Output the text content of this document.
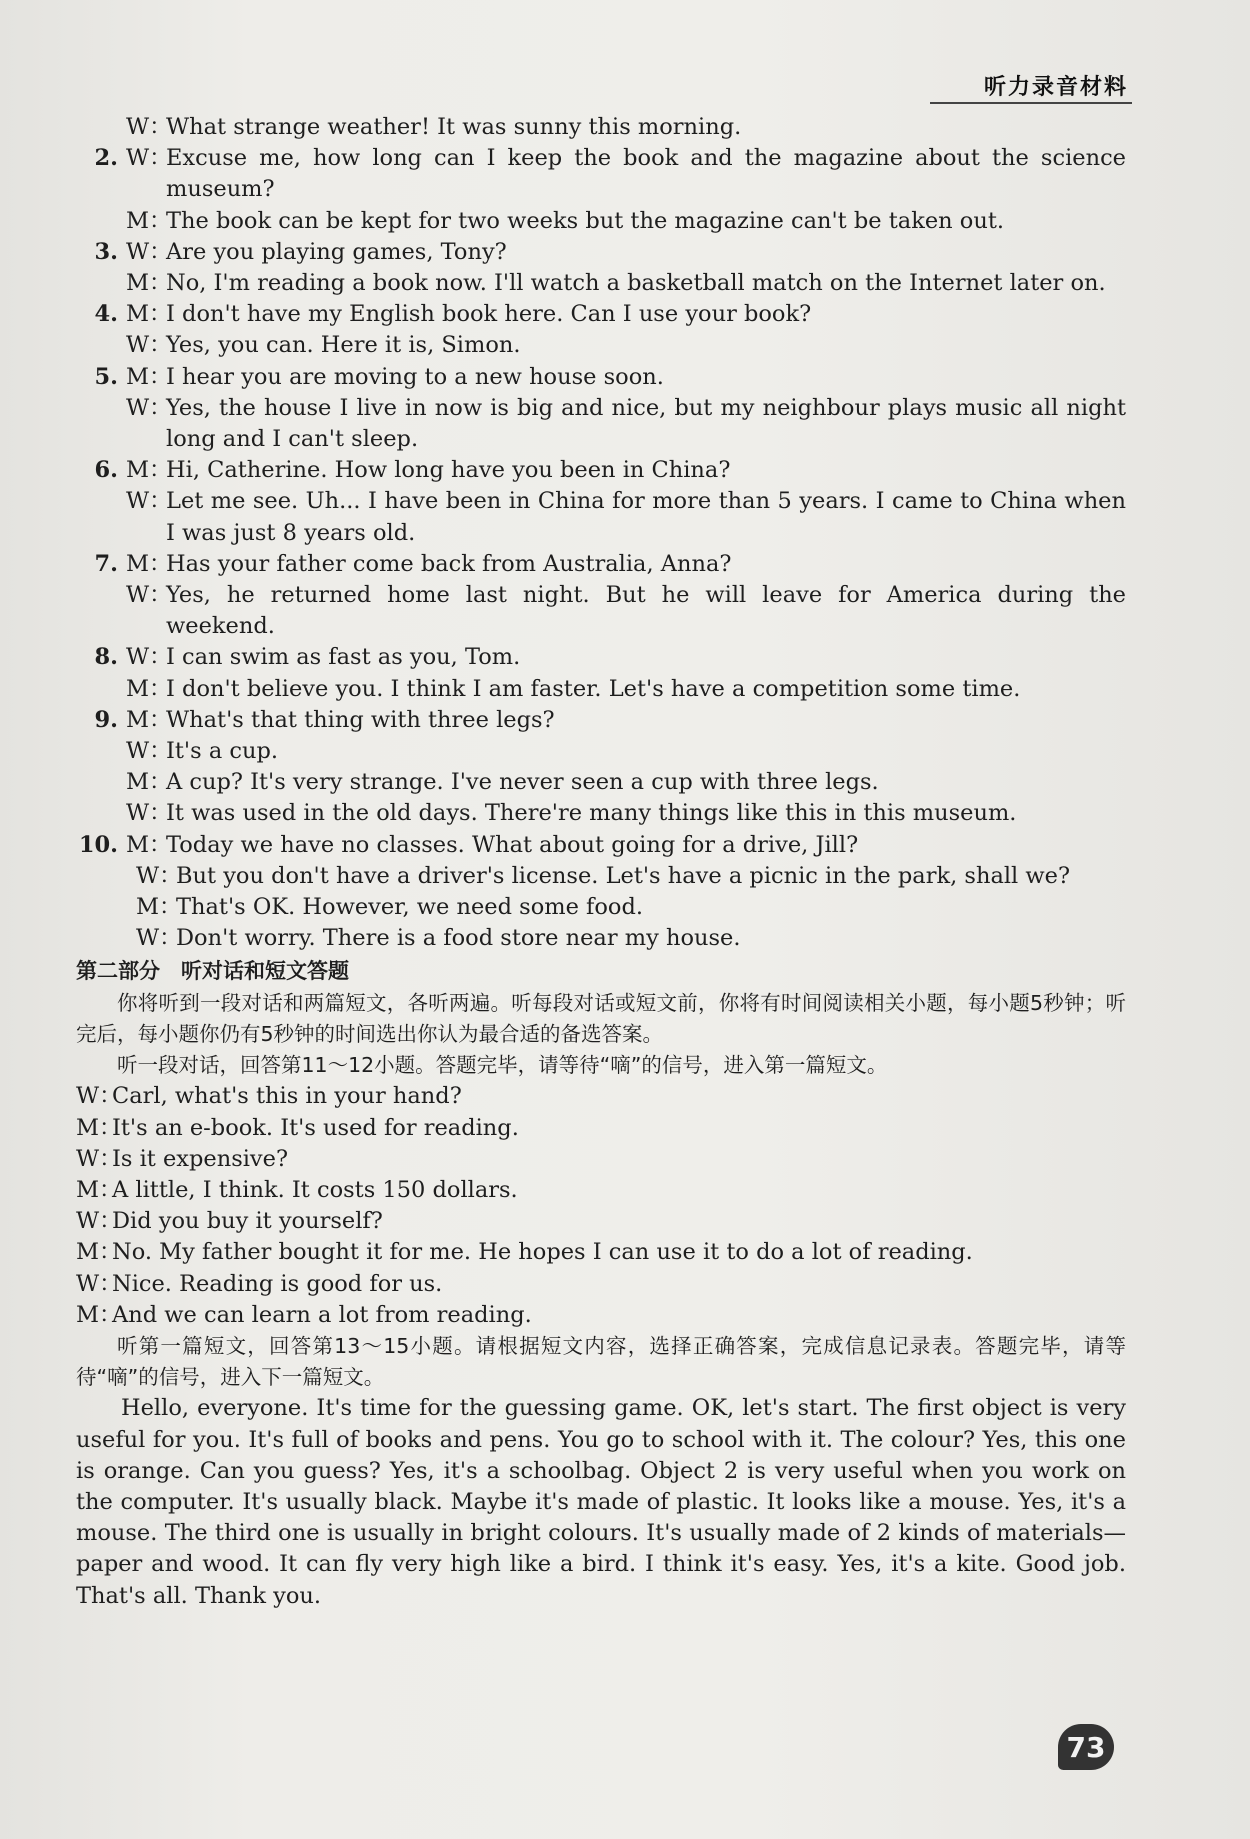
听力录音材料
W：
What strange weather! It was sunny this morning.
2. W：
Excuse me, how long can I keep the book and the magazine about the science museum?
M：
The book can be kept for two weeks but the magazine can't be taken out.
3. W：
Are you playing games, Tony?
M：
No, I'm reading a book now. I'll watch a basketball match on the Internet later on.
4. M：
I don't have my English book here. Can I use your book?
W：
Yes, you can. Here it is, Simon.
5. M：
I hear you are moving to a new house soon.
W：
Yes, the house I live in now is big and nice, but my neighbour plays music all night long and I can't sleep.
6. M：
Hi, Catherine. How long have you been in China?
W：
Let me see. Uh... I have been in China for more than 5 years. I came to China when I was just 8 years old.
7. M：
Has your father come back from Australia, Anna?
W：
Yes, he returned home last night. But he will leave for America during the weekend.
8. W：
I can swim as fast as you, Tom.
M：
I don't believe you. I think I am faster. Let's have a competition some time.
9. M：
What's that thing with three legs?
W：
It's a cup.
M：
A cup? It's very strange. I've never seen a cup with three legs.
W：
It was used in the old days. There're many things like this in this museum.
10. M：
Today we have no classes. What about going for a drive, Jill?
W：
But you don't have a driver's license. Let's have a picnic in the park, shall we?
M：
That's OK. However, we need some food.
W：
Don't worry. There is a food store near my house.
第二部分　听对话和短文答题
你将听到一段对话和两篇短文，各听两遍。听每段对话或短文前，你将有时间阅读相关小题，每小题5秒钟；听完后，每小题你仍有5秒钟的时间选出你认为最合适的备选答案。
听一段对话，回答第11～12小题。答题完毕，请等待“嘀”的信号，进入第一篇短文。
W：
Carl, what's this in your hand?
M：
It's an e-book. It's used for reading.
W：
Is it expensive?
M：
A little, I think. It costs 150 dollars.
W：
Did you buy it yourself?
M：
No. My father bought it for me. He hopes I can use it to do a lot of reading.
W：
Nice. Reading is good for us.
M：
And we can learn a lot from reading.
听第一篇短文，回答第13～15小题。请根据短文内容，选择正确答案，完成信息记录表。答题完毕，请等待“嘀”的信号，进入下一篇短文。
Hello, everyone. It's time for the guessing game. OK, let's start. The first object is very useful for you. It's full of books and pens. You go to school with it. The colour? Yes, this one is orange. Can you guess? Yes, it's a schoolbag. Object 2 is very useful when you work on the computer. It's usually black. Maybe it's made of plastic. It looks like a mouse. Yes, it's a mouse. The third one is usually in bright colours. It's usually made of 2 kinds of materials—paper and wood. It can fly very high like a bird. I think it's easy. Yes, it's a kite. Good job. That's all. Thank you.
73
